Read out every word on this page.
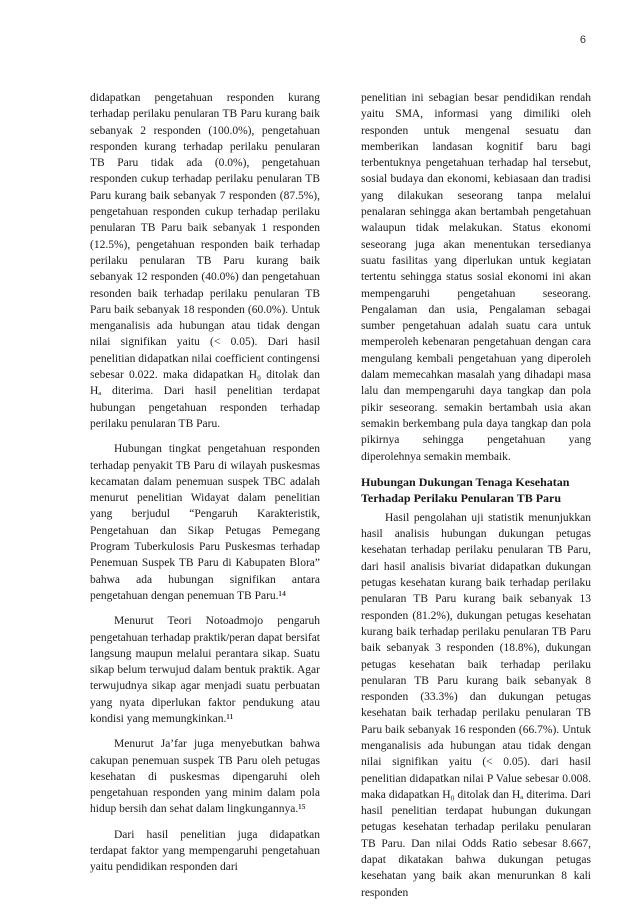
6

didapatkan pengetahuan responden kurang terhadap perilaku penularan TB Paru kurang baik sebanyak 2 responden (100.0%), pengetahuan responden kurang terhadap perilaku penularan TB Paru tidak ada (0.0%), pengetahuan responden cukup terhadap perilaku penularan TB Paru kurang baik sebanyak 7 responden (87.5%), pengetahuan responden cukup terhadap perilaku penularan TB Paru baik sebanyak 1 responden (12.5%), pengetahuan responden baik terhadap perilaku penularan TB Paru kurang baik sebanyak 12 responden (40.0%) dan pengetahuan resonden baik terhadap perilaku penularan TB Paru baik sebanyak 18 responden (60.0%). Untuk menganalisis ada hubungan atau tidak dengan nilai signifikan yaitu (< 0.05). Dari hasil penelitian didapatkan nilai coefficient contingensi sebesar 0.022. maka didapatkan H₀ ditolak dan Hₐ diterima. Dari hasil penelitian terdapat hubungan pengetahuan responden terhadap perilaku penularan TB Paru.

Hubungan tingkat pengetahuan responden terhadap penyakit TB Paru di wilayah puskesmas kecamatan dalam penemuan suspek TBC adalah menurut penelitian Widayat dalam penelitian yang berjudul “Pengaruh Karakteristik, Pengetahuan dan Sikap Petugas Pemegang Program Tuberkulosis Paru Puskesmas terhadap Penemuan Suspek TB Paru di Kabupaten Blora” bahwa ada hubungan signifikan antara pengetahuan dengan penemuan TB Paru.¹⁴

Menurut Teori Notoadmojo pengaruh pengetahuan terhadap praktik/peran dapat bersifat langsung maupun melalui perantara sikap. Suatu sikap belum terwujud dalam bentuk praktik. Agar terwujudnya sikap agar menjadi suatu perbuatan yang nyata diperlukan faktor pendukung atau kondisi yang memungkinkan.¹¹

Menurut Ja’far juga menyebutkan bahwa cakupan penemuan suspek TB Paru oleh petugas kesehatan di puskesmas dipengaruhi oleh pengetahuan responden yang minim dalam pola hidup bersih dan sehat dalam lingkungannya.¹⁵

Dari hasil penelitian juga didapatkan terdapat faktor yang mempengaruhi pengetahuan yaitu pendidikan responden dari

penelitian ini sebagian besar pendidikan rendah yaitu SMA, informasi yang dimiliki oleh responden untuk mengenal sesuatu dan memberikan landasan kognitif baru bagi terbentuknya pengetahuan terhadap hal tersebut, sosial budaya dan ekonomi, kebiasaan dan tradisi yang dilakukan seseorang tanpa melalui penalaran sehingga akan bertambah pengetahuan walaupun tidak melakukan. Status ekonomi seseorang juga akan menentukan tersedianya suatu fasilitas yang diperlukan untuk kegiatan tertentu sehingga status sosial ekonomi ini akan mempengaruhi pengetahuan seseorang. Pengalaman dan usia, Pengalaman sebagai sumber pengetahuan adalah suatu cara untuk memperoleh kebenaran pengetahuan dengan cara mengulang kembali pengetahuan yang diperoleh dalam memecahkan masalah yang dihadapi masa lalu dan mempengaruhi daya tangkap dan pola pikir seseorang. semakin bertambah usia akan semakin berkembang pula daya tangkap dan pola pikirnya sehingga pengetahuan yang diperolehnya semakin membaik.

Hubungan Dukungan Tenaga Kesehatan Terhadap Perilaku Penularan TB Paru

Hasil pengolahan uji statistik menunjukkan hasil analisis hubungan dukungan petugas kesehatan terhadap perilaku penularan TB Paru, dari hasil analisis bivariat didapatkan dukungan petugas kesehatan kurang baik terhadap perilaku penularan TB Paru kurang baik sebanyak 13 responden (81.2%), dukungan petugas kesehatan kurang baik terhadap perilaku penularan TB Paru baik sebanyak 3 responden (18.8%), dukungan petugas kesehatan baik terhadap perilaku penularan TB Paru kurang baik sebanyak 8 responden (33.3%) dan dukungan petugas kesehatan baik terhadap perilaku penularan TB Paru baik sebanyak 16 responden (66.7%). Untuk menganalisis ada hubungan atau tidak dengan nilai signifikan yaitu (< 0.05). dari hasil penelitian didapatkan nilai P Value sebesar 0.008. maka didapatkan H₀ ditolak dan Hₐ diterima. Dari hasil penelitian terdapat hubungan dukungan petugas kesehatan terhadap perilaku penularan TB Paru. Dan nilai Odds Ratio sebesar 8.667, dapat dikatakan bahwa dukungan petugas kesehatan yang baik akan menurunkan 8 kali responden
